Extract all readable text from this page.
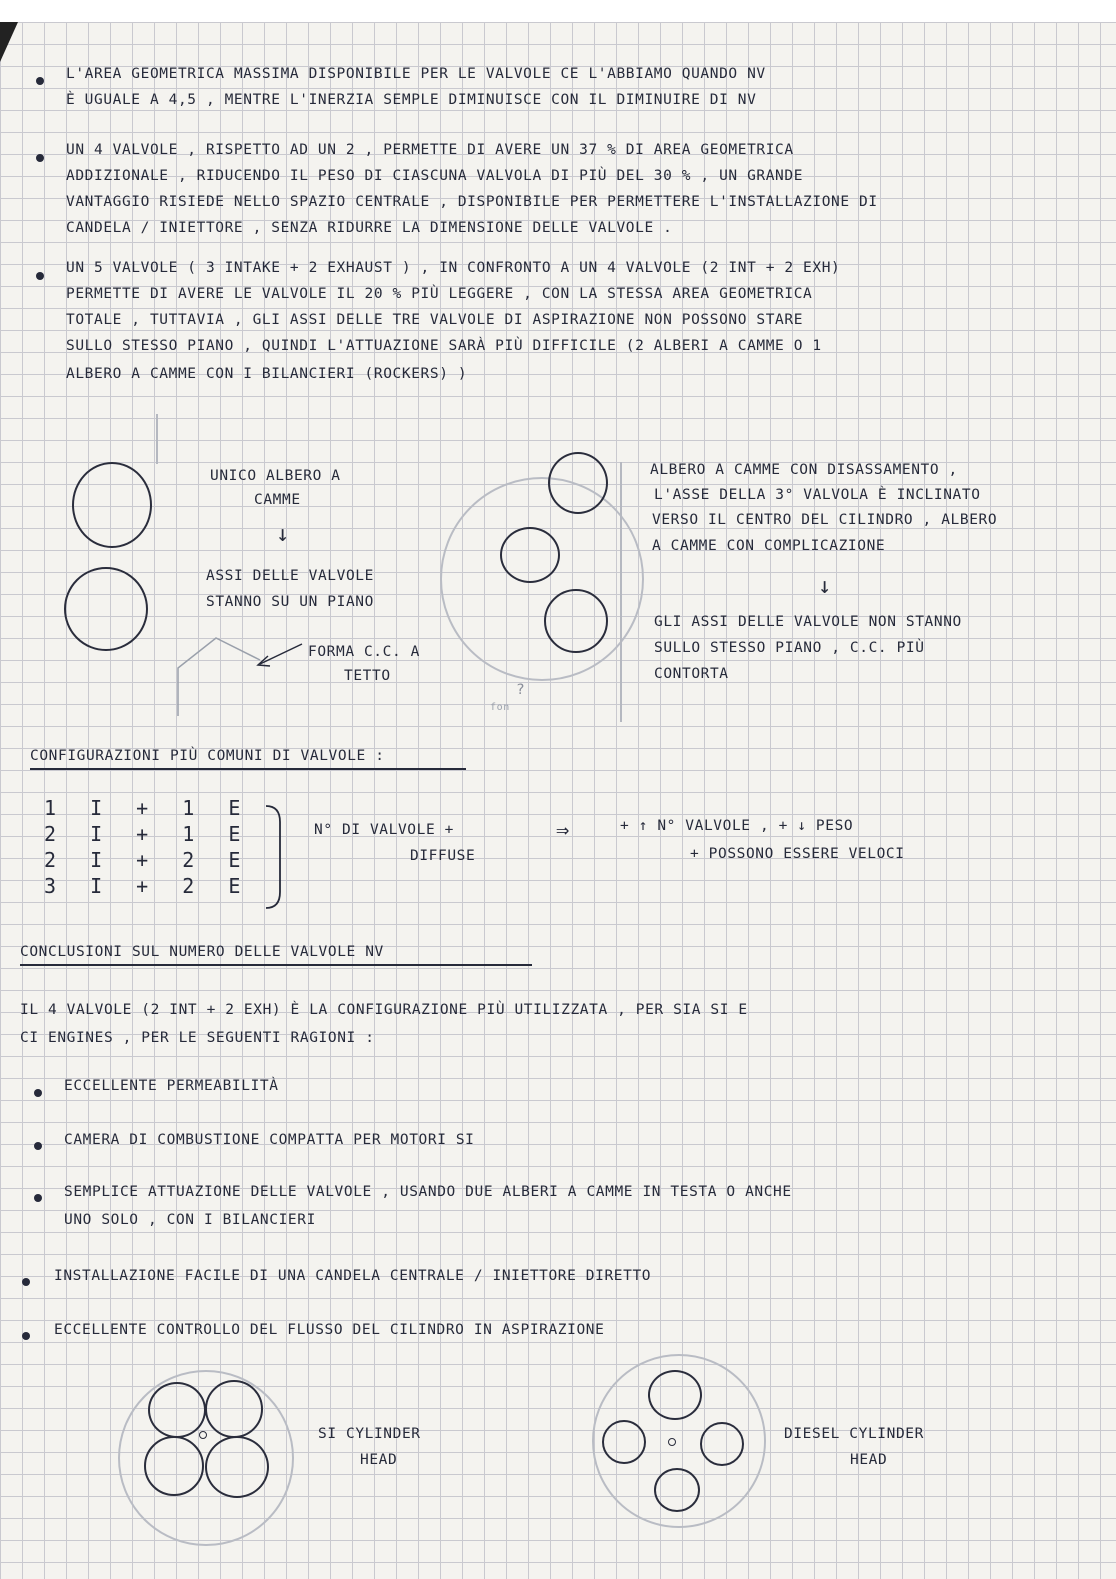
L'AREA GEOMETRICA MASSIMA DISPONIBILE PER LE VALVOLE CE L'ABBIAMO QUANDO NV

È UGUALE A 4,5 , MENTRE L'INERZIA SEMPLE DIMINUISCE CON IL DIMINUIRE DI NV

UN 4 VALVOLE , RISPETTO AD UN 2 , PERMETTE DI AVERE UN 37 % DI AREA GEOMETRICA

ADDIZIONALE , RIDUCENDO IL PESO DI CIASCUNA VALVOLA DI PIÙ DEL 30 % , UN GRANDE

VANTAGGIO RISIEDE NELLO SPAZIO CENTRALE , DISPONIBILE PER PERMETTERE L'INSTALLAZIONE DI

CANDELA / INIETTORE , SENZA RIDURRE LA DIMENSIONE DELLE VALVOLE .

UN 5 VALVOLE ( 3 INTAKE + 2 EXHAUST ) , IN CONFRONTO A UN 4 VALVOLE (2 INT + 2 EXH)

PERMETTE DI AVERE LE VALVOLE IL 20 % PIÙ LEGGERE , CON LA STESSA AREA GEOMETRICA

TOTALE , TUTTAVIA , GLI ASSI DELLE TRE VALVOLE DI ASPIRAZIONE NON POSSONO STARE

SULLO STESSO PIANO , QUINDI L'ATTUAZIONE SARÀ PIÙ DIFFICILE (2 ALBERI A CAMME O 1

ALBERO A CAMME CON I BILANCIERI (ROCKERS) )

UNICO ALBERO A

CAMME

↓

ASSI DELLE VALVOLE

STANNO SU UN PIANO

FORMA C.C. A

TETTO

ALBERO A CAMME CON DISASSAMENTO ,

L'ASSE DELLA 3° VALVOLA È INCLINATO

VERSO IL CENTRO DEL CILINDRO , ALBERO

A CAMME CON COMPLICAZIONE

↓

GLI ASSI DELLE VALVOLE NON STANNO

SULLO STESSO PIANO , C.C. PIÙ

CONTORTA

?

fon

CONFIGURAZIONI PIÙ COMUNI DI VALVOLE :

1 I + 1 E

2 I + 1 E

2 I + 2 E

3 I + 2 E

N° DI VALVOLE +

DIFFUSE

⇒	+ ↑ N° VALVOLE , + ↓ PESO

+ POSSONO ESSERE VELOCI

CONCLUSIONI SUL NUMERO DELLE VALVOLE NV

IL 4 VALVOLE (2 INT + 2 EXH) È LA CONFIGURAZIONE PIÙ UTILIZZATA , PER SIA SI E

CI ENGINES , PER LE SEGUENTI RAGIONI :

ECCELLENTE PERMEABILITÀ

CAMERA DI COMBUSTIONE COMPATTA PER MOTORI SI

SEMPLICE ATTUAZIONE DELLE VALVOLE , USANDO DUE ALBERI A CAMME IN TESTA O ANCHE

UNO SOLO , CON I BILANCIERI

INSTALLAZIONE FACILE DI UNA CANDELA CENTRALE / INIETTORE DIRETTO

ECCELLENTE CONTROLLO DEL FLUSSO DEL CILINDRO IN ASPIRAZIONE

SI CYLINDER

HEAD

DIESEL CYLINDER

HEAD
